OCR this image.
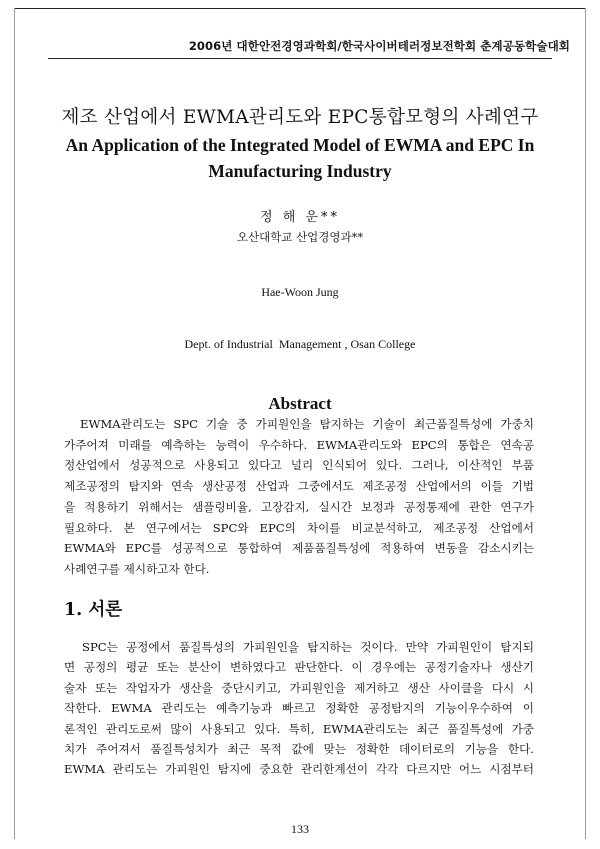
2006년 대한안전경영과학회/한국사이버테러정보전학회 춘계공동학술대회
제조 산업에서 EWMA관리도와 EPC통합모형의 사례연구
An Application of the Integrated Model of EWMA and EPC In Manufacturing Industry
정 해 운**
오산대학교 산업경영과**
Hae-Woon Jung
Dept. of Industrial  Management , Osan College
Abstract

EWMA관리도는 SPC 기술 중 가피원인을 탐지하는 기술이 최근품질특성에 가중치

가주어져 미래를 예측하는 능력이 우수하다. EWMA관리도와 EPC의 통합은 연속공

정산업에서 성공적으로 사용되고 있다고 널리 인식되어 있다. 그러나, 이산적인 부품

제조공정의 탐지와 연속 생산공정 산업과 그중에서도 제조공정 산업에서의 이들 기법

을 적용하기 위해서는 샘플링비율, 고장감지, 실시간 보정과 공정통제에 관한 연구가

필요하다. 본 연구에서는 SPC와 EPC의 차이를 비교분석하고, 제조공정 산업에서

EWMA와 EPC를 성공적으로 통합하여 제품품질특성에 적용하여 변동을 감소시키는

사례연구를 제시하고자 한다.

1. 서론

SPC는 공정에서 품질특성의 가피원인을 탐지하는 것이다. 만약 가피원인이 탐지되

면 공정의 평균 또는 분산이 변하였다고 판단한다. 이 경우에는 공정기술자나 생산기

술자 또는 작업자가 생산을 중단시키고, 가피원인을 제거하고 생산 사이클을 다시 시

작한다. EWMA 관리도는 예측기능과 빠르고 정확한 공정탐지의 기능이우수하여 이

론적인 관리도로써 많이 사용되고 있다. 특히, EWMA관리도는 최근 품질특성에 가중

치가 주어져서 품질특성치가 최근 목적 값에 맞는 정확한 데이터로의 기능을 한다.

EWMA 관리도는 가피원인 탐지에 중요한 관리한계선이 각각 다르지만 어느 시점부터

133
